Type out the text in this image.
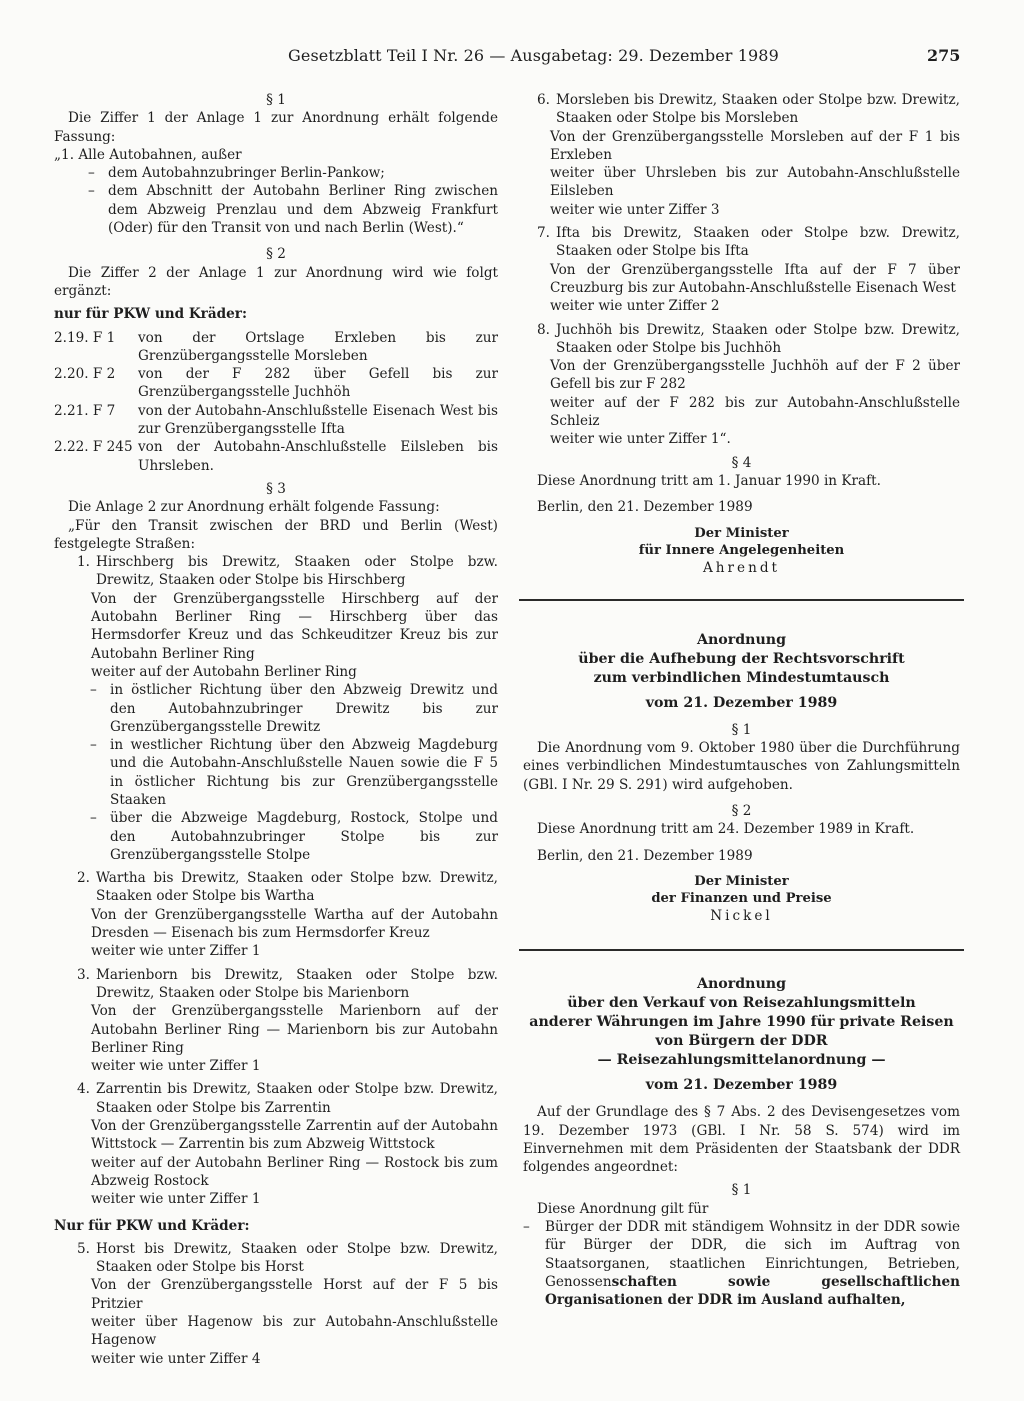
Gesetzblatt Teil I Nr. 26 — Ausgabetag: 29. Dezember 1989	275

§ 1

Die Ziffer 1 der Anlage 1 zur Anordnung erhält folgende Fassung:

„1. Alle Autobahnen, außer

– dem Autobahnzubringer Berlin-Pankow;
– dem Abschnitt der Autobahn Berliner Ring zwischen dem Abzweig Prenzlau und dem Abzweig Frankfurt (Oder) für den Transit von und nach Berlin (West).“

§ 2

Die Ziffer 2 der Anlage 1 zur Anordnung wird wie folgt ergänzt:

nur für PKW und Kräder:

2.19. F 1	von der Ortslage Erxleben bis zur Grenzübergangsstelle Morsleben
2.20. F 2	von der F 282 über Gefell bis zur Grenzübergangsstelle Juchhöh
2.21. F 7	von der Autobahn-Anschlußstelle Eisenach West bis zur Grenzübergangsstelle Ifta
2.22. F 245 von der Autobahn-Anschlußstelle Eilsleben bis Uhrsleben.

§ 3

Die Anlage 2 zur Anordnung erhält folgende Fassung:

„Für den Transit zwischen der BRD und Berlin (West) festgelegte Straßen:

1. Hirschberg bis Drewitz, Staaken oder Stolpe bzw. Drewitz, Staaken oder Stolpe bis Hirschberg

Von der Grenzübergangsstelle Hirschberg auf der Autobahn Berliner Ring — Hirschberg über das Hermsdorfer Kreuz und das Schkeuditzer Kreuz bis zur Autobahn Berliner Ring

weiter auf der Autobahn Berliner Ring

– in östlicher Richtung über den Abzweig Drewitz und den Autobahnzubringer Drewitz bis zur Grenzübergangsstelle Drewitz
– in westlicher Richtung über den Abzweig Magdeburg und die Autobahn-Anschlußstelle Nauen sowie die F 5 in östlicher Richtung bis zur Grenzübergangsstelle Staaken
– über die Abzweige Magdeburg, Rostock, Stolpe und den Autobahnzubringer Stolpe bis zur Grenzübergangsstelle Stolpe
2. Wartha bis Drewitz, Staaken oder Stolpe bzw. Drewitz, Staaken oder Stolpe bis Wartha

Von der Grenzübergangsstelle Wartha auf der Autobahn Dresden — Eisenach bis zum Hermsdorfer Kreuz

weiter wie unter Ziffer 1

3. Marienborn bis Drewitz, Staaken oder Stolpe bzw. Drewitz, Staaken oder Stolpe bis Marienborn

Von der Grenzübergangsstelle Marienborn auf der Autobahn Berliner Ring — Marienborn bis zur Autobahn Berliner Ring

weiter wie unter Ziffer 1

4. Zarrentin bis Drewitz, Staaken oder Stolpe bzw. Drewitz, Staaken oder Stolpe bis Zarrentin

Von der Grenzübergangsstelle Zarrentin auf der Autobahn Wittstock — Zarrentin bis zum Abzweig Wittstock

weiter auf der Autobahn Berliner Ring — Rostock bis zum Abzweig Rostock

weiter wie unter Ziffer 1

Nur für PKW und Kräder:

5. Horst bis Drewitz, Staaken oder Stolpe bzw. Drewitz, Staaken oder Stolpe bis Horst

Von der Grenzübergangsstelle Horst auf der F 5 bis Pritzier

weiter über Hagenow bis zur Autobahn-Anschlußstelle Hagenow

weiter wie unter Ziffer 4

6. Morsleben bis Drewitz, Staaken oder Stolpe bzw. Drewitz, Staaken oder Stolpe bis Morsleben

Von der Grenzübergangsstelle Morsleben auf der F 1 bis Erxleben

weiter über Uhrsleben bis zur Autobahn-Anschlußstelle Eilsleben

weiter wie unter Ziffer 3

7. Ifta bis Drewitz, Staaken oder Stolpe bzw. Drewitz, Staaken oder Stolpe bis Ifta

Von der Grenzübergangsstelle Ifta auf der F 7 über Creuzburg bis zur Autobahn-Anschlußstelle Eisenach West

weiter wie unter Ziffer 2

8. Juchhöh bis Drewitz, Staaken oder Stolpe bzw. Drewitz, Staaken oder Stolpe bis Juchhöh

Von der Grenzübergangsstelle Juchhöh auf der F 2 über Gefell bis zur F 282

weiter auf der F 282 bis zur Autobahn-Anschlußstelle Schleiz

weiter wie unter Ziffer 1“.

§ 4

Diese Anordnung tritt am 1. Januar 1990 in Kraft.

Berlin, den 21. Dezember 1989

Der Minister

für Innere Angelegenheiten

Ahrendt

Anordnung

über die Aufhebung der Rechtsvorschrift

zum verbindlichen Mindestumtausch

vom 21. Dezember 1989

§ 1

Die Anordnung vom 9. Oktober 1980 über die Durchführung eines verbindlichen Mindestumtausches von Zahlungsmitteln (GBl. I Nr. 29 S. 291) wird aufgehoben.

§ 2

Diese Anordnung tritt am 24. Dezember 1989 in Kraft.

Berlin, den 21. Dezember 1989

Der Minister

der Finanzen und Preise

Nickel

Anordnung

über den Verkauf von Reisezahlungsmitteln

anderer Währungen im Jahre 1990 für private Reisen

von Bürgern der DDR

— Reisezahlungsmittelanordnung —

vom 21. Dezember 1989

Auf der Grundlage des § 7 Abs. 2 des Devisengesetzes vom 19. Dezember 1973 (GBl. I Nr. 58 S. 574) wird im Einvernehmen mit dem Präsidenten der Staatsbank der DDR folgendes angeordnet:

§ 1

Diese Anordnung gilt für

–	Bürger der DDR mit ständigem Wohnsitz in der DDR sowie für Bürger der DDR, die sich im Auftrag von Staatsorganen, staatlichen Einrichtungen, Betrieben, Genossenschaften sowie gesellschaftlichen Organisationen der DDR im Ausland aufhalten,
